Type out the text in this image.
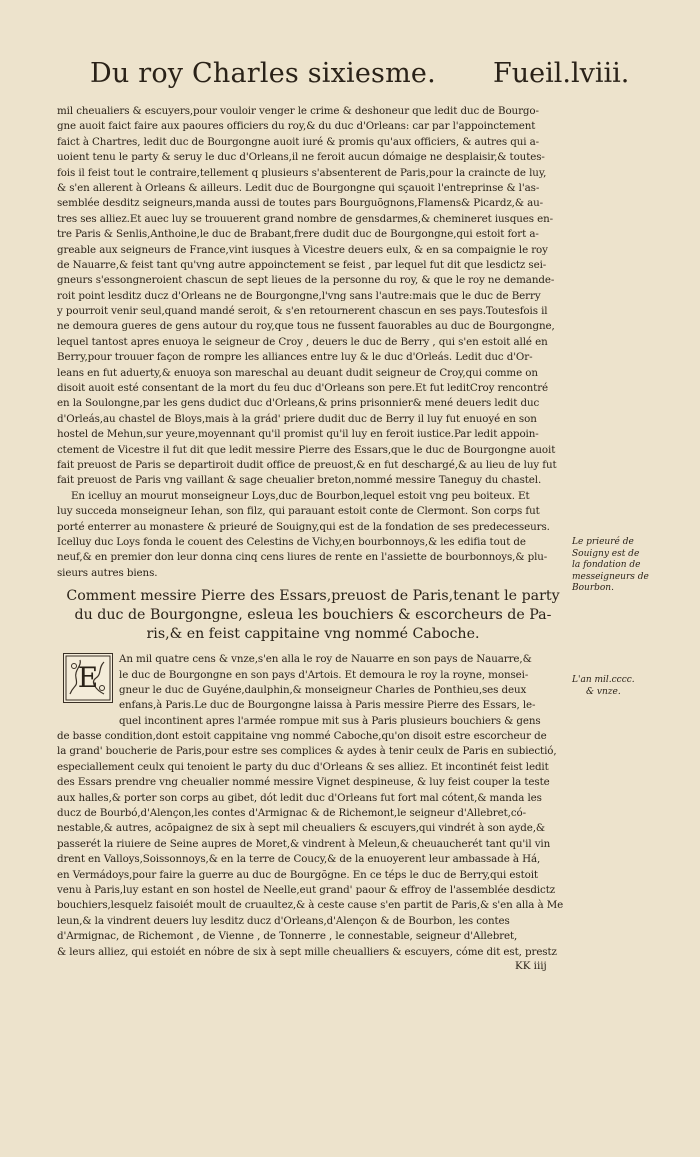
Du roy Charles sixiesme. Fueil.lviii.
mil cheualiers & escuyers,pour vouloir venger le crime & deshoneur que ledit duc de Bourgo-
gne auoit faict faire aux paoures officiers du roy,& du duc d'Orleans: car par l'appoinctement
faict à Chartres, ledit duc de Bourgongne auoit iuré & promis qu'aux officiers, & autres qui a-
uoient tenu le party & seruy le duc d'Orleans,il ne feroit aucun dómaige ne desplaisir,& toutes-
fois il feist tout le contraire,tellement q plusieurs s'absenterent de Paris,pour la craincte de luy,
& s'en allerent à Orleans & ailleurs. Ledit duc de Bourgongne qui sçauoit l'entreprinse & l'as-
semblée desditz seigneurs,manda aussi de toutes pars Bourguõgnons,Flamens& Picardz,& au-
tres ses alliez.Et auec luy se trouuerent grand nombre de gensdarmes,& chemineret iusques en-
tre Paris & Senlis,Anthoine,le duc de Brabant,frere dudit duc de Bourgongne,qui estoit fort a-
greable aux seigneurs de France,vint iusques à Vicestre deuers eulx, & en sa compaignie le roy
de Nauarre,& feist tant qu'vng autre appoinctement se feist , par lequel fut dit que lesdictz sei-
gneurs s'essongneroient chascun de sept lieues de la personne du roy, & que le roy ne demande-
roit point lesditz ducz d'Orleans ne de Bourgongne,l'vng sans l'autre:mais que le duc de Berry
y pourroit venir seul,quand mandé seroit, & s'en retournerent chascun en ses pays.Toutesfois il
ne demoura gueres de gens autour du roy,que tous ne fussent fauorables au duc de Bourgongne,
lequel tantost apres enuoya le seigneur de Croy , deuers le duc de Berry , qui s'en estoit allé en
Berry,pour trouuer façon de rompre les alliances entre luy & le duc d'Orleás. Ledit duc d'Or-
leans en fut aduerty,& enuoya son mareschal au deuant dudit seigneur de Croy,qui comme on
disoit auoit esté consentant de la mort du feu duc d'Orleans son pere.Et fut leditCroy rencontré
en la Soulongne,par les gens dudict duc d'Orleans,& prins prisonnier& mené deuers ledit duc
d'Orleás,au chastel de Bloys,mais à la grád' priere dudit duc de Berry il luy fut enuoyé en son
hostel de Mehun,sur yeure,moyennant qu'il promist qu'il luy en feroit iustice.Par ledit appoin-
ctement de Vicestre il fut dit que ledit messire Pierre des Essars,que le duc de Bourgongne auoit
fait preuost de Paris se departiroit dudit office de preuost,& en fut deschargé,& au lieu de luy fut
fait preuost de Paris vng vaillant & sage cheualier breton,nommé messire Taneguy du chastel.
En icelluy an mourut monseigneur Loys,duc de Bourbon,lequel estoit vng peu boiteux. Et
luy succeda monseigneur Iehan, son filz, qui parauant estoit conte de Clermont. Son corps fut
porté enterrer au monastere & prieuré de Souigny,qui est de la fondation de ses predecesseurs.
Icelluy duc Loys fonda le couent des Celestins de Vichy,en bourbonnoys,& les edifia tout de
neuf,& en premier don leur donna cinq cens liures de rente en l'assiette de bourbonnoys,& plu-
sieurs autres biens.
Comment messire Pierre des Essars,preuost de Paris,tenant le party
du duc de Bourgongne, esleua les bouchiers & escorcheurs de Pa-
ris,& en feist cappitaine vng nommé Caboche.
E
An mil quatre cens & vnze,s'en alla le roy de Nauarre en son pays de Nauarre,&
le duc de Bourgongne en son pays d'Artois. Et demoura le roy la royne, monsei-
gneur le duc de Guyéne,daulphin,& monseigneur Charles de Ponthieu,ses deux
enfans,à Paris.Le duc de Bourgongne laissa à Paris messire Pierre des Essars, le-
quel incontinent apres l'armée rompue mit sus à Paris plusieurs bouchiers & gens
de basse condition,dont estoit cappitaine vng nommé Caboche,qu'on disoit estre escorcheur de
la grand' boucherie de Paris,pour estre ses complices & aydes à tenir ceulx de Paris en subiectió,
especiallement ceulx qui tenoient le party du duc d'Orleans & ses alliez. Et incontinét feist ledit
des Essars prendre vng cheualier nommé messire Vignet despineuse, & luy feist couper la teste
aux halles,& porter son corps au gibet, dót ledit duc d'Orleans fut fort mal cótent,& manda les
ducz de Bourbó,d'Alençon,les contes d'Armignac & de Richemont,le seigneur d'Allebret,có-
nestable,& autres, acõpaignez de six à sept mil cheualiers & escuyers,qui vindrét à son ayde,&
passerét la riuiere de Seine aupres de Moret,& vindrent à Meleun,& cheuaucherét tant qu'il vin
drent en Valloys,Soissonnoys,& en la terre de Coucy,& de la enuoyerent leur ambassade à Há,
en Vermádoys,pour faire la guerre au duc de Bourgõgne. En ce téps le duc de Berry,qui estoit
venu à Paris,luy estant en son hostel de Neelle,eut grand' paour & effroy de l'assemblée desdictz
bouchiers,lesquelz faisoiét moult de cruaultez,& à ceste cause s'en partit de Paris,& s'en alla à Me
leun,& la vindrent deuers luy lesditz ducz d'Orleans,d'Alençon & de Bourbon, les contes
d'Armignac, de Richemont , de Vienne , de Tonnerre , le connestable, seigneur d'Allebret,
& leurs alliez, qui estoiét en nóbre de six à sept mille cheualliers & escuyers, cóme dit est, prestz
KK iiij
Le prieuré de
Souigny est de
la fondation de
messeigneurs de
Bourbon.
L'an mil.cccc.
& vnze.
